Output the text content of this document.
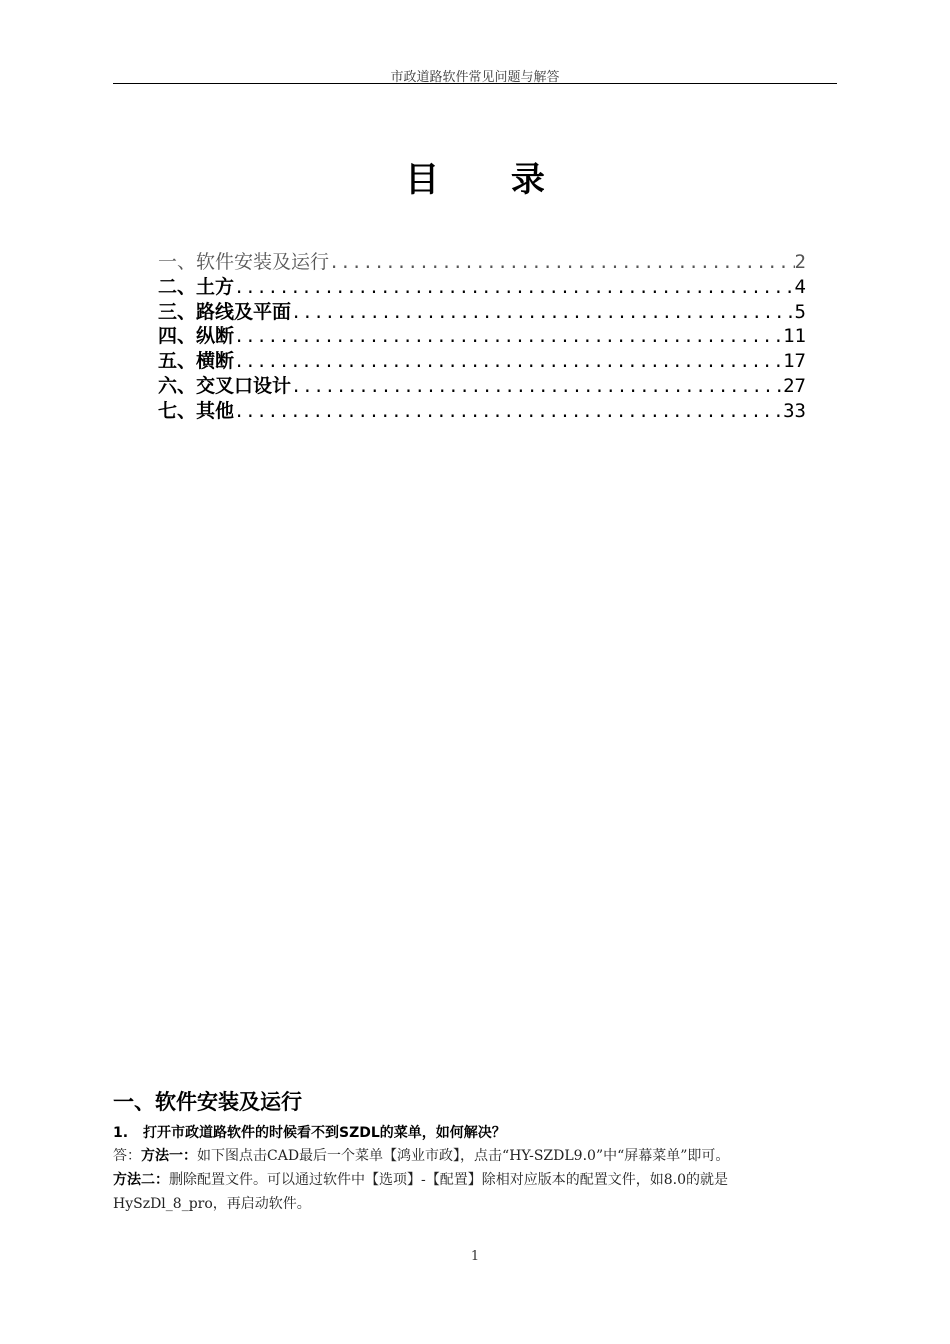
市政道路软件常见问题与解答
目 录
一、软件安装及运行 .....	2
二、土方 .....	4
三、路线及平面 .....	5
四、纵断 .....	11
五、横断 .....	17
六、交叉口设计 .....	27
七、其他 .....	33
一、软件安装及运行
1. 打开市政道路软件的时候看不到SZDL的菜单，如何解决？
答：方法一：如下图点击CAD最后一个菜单【鸿业市政】，点击“HY-SZDL9.0”中“屏幕菜单”即可。
方法二：删除配置文件。可以通过软件中【选项】-【配置】除相对应版本的配置文件，如8.0的就是HySzDl_8_pro，再启动软件。
1
